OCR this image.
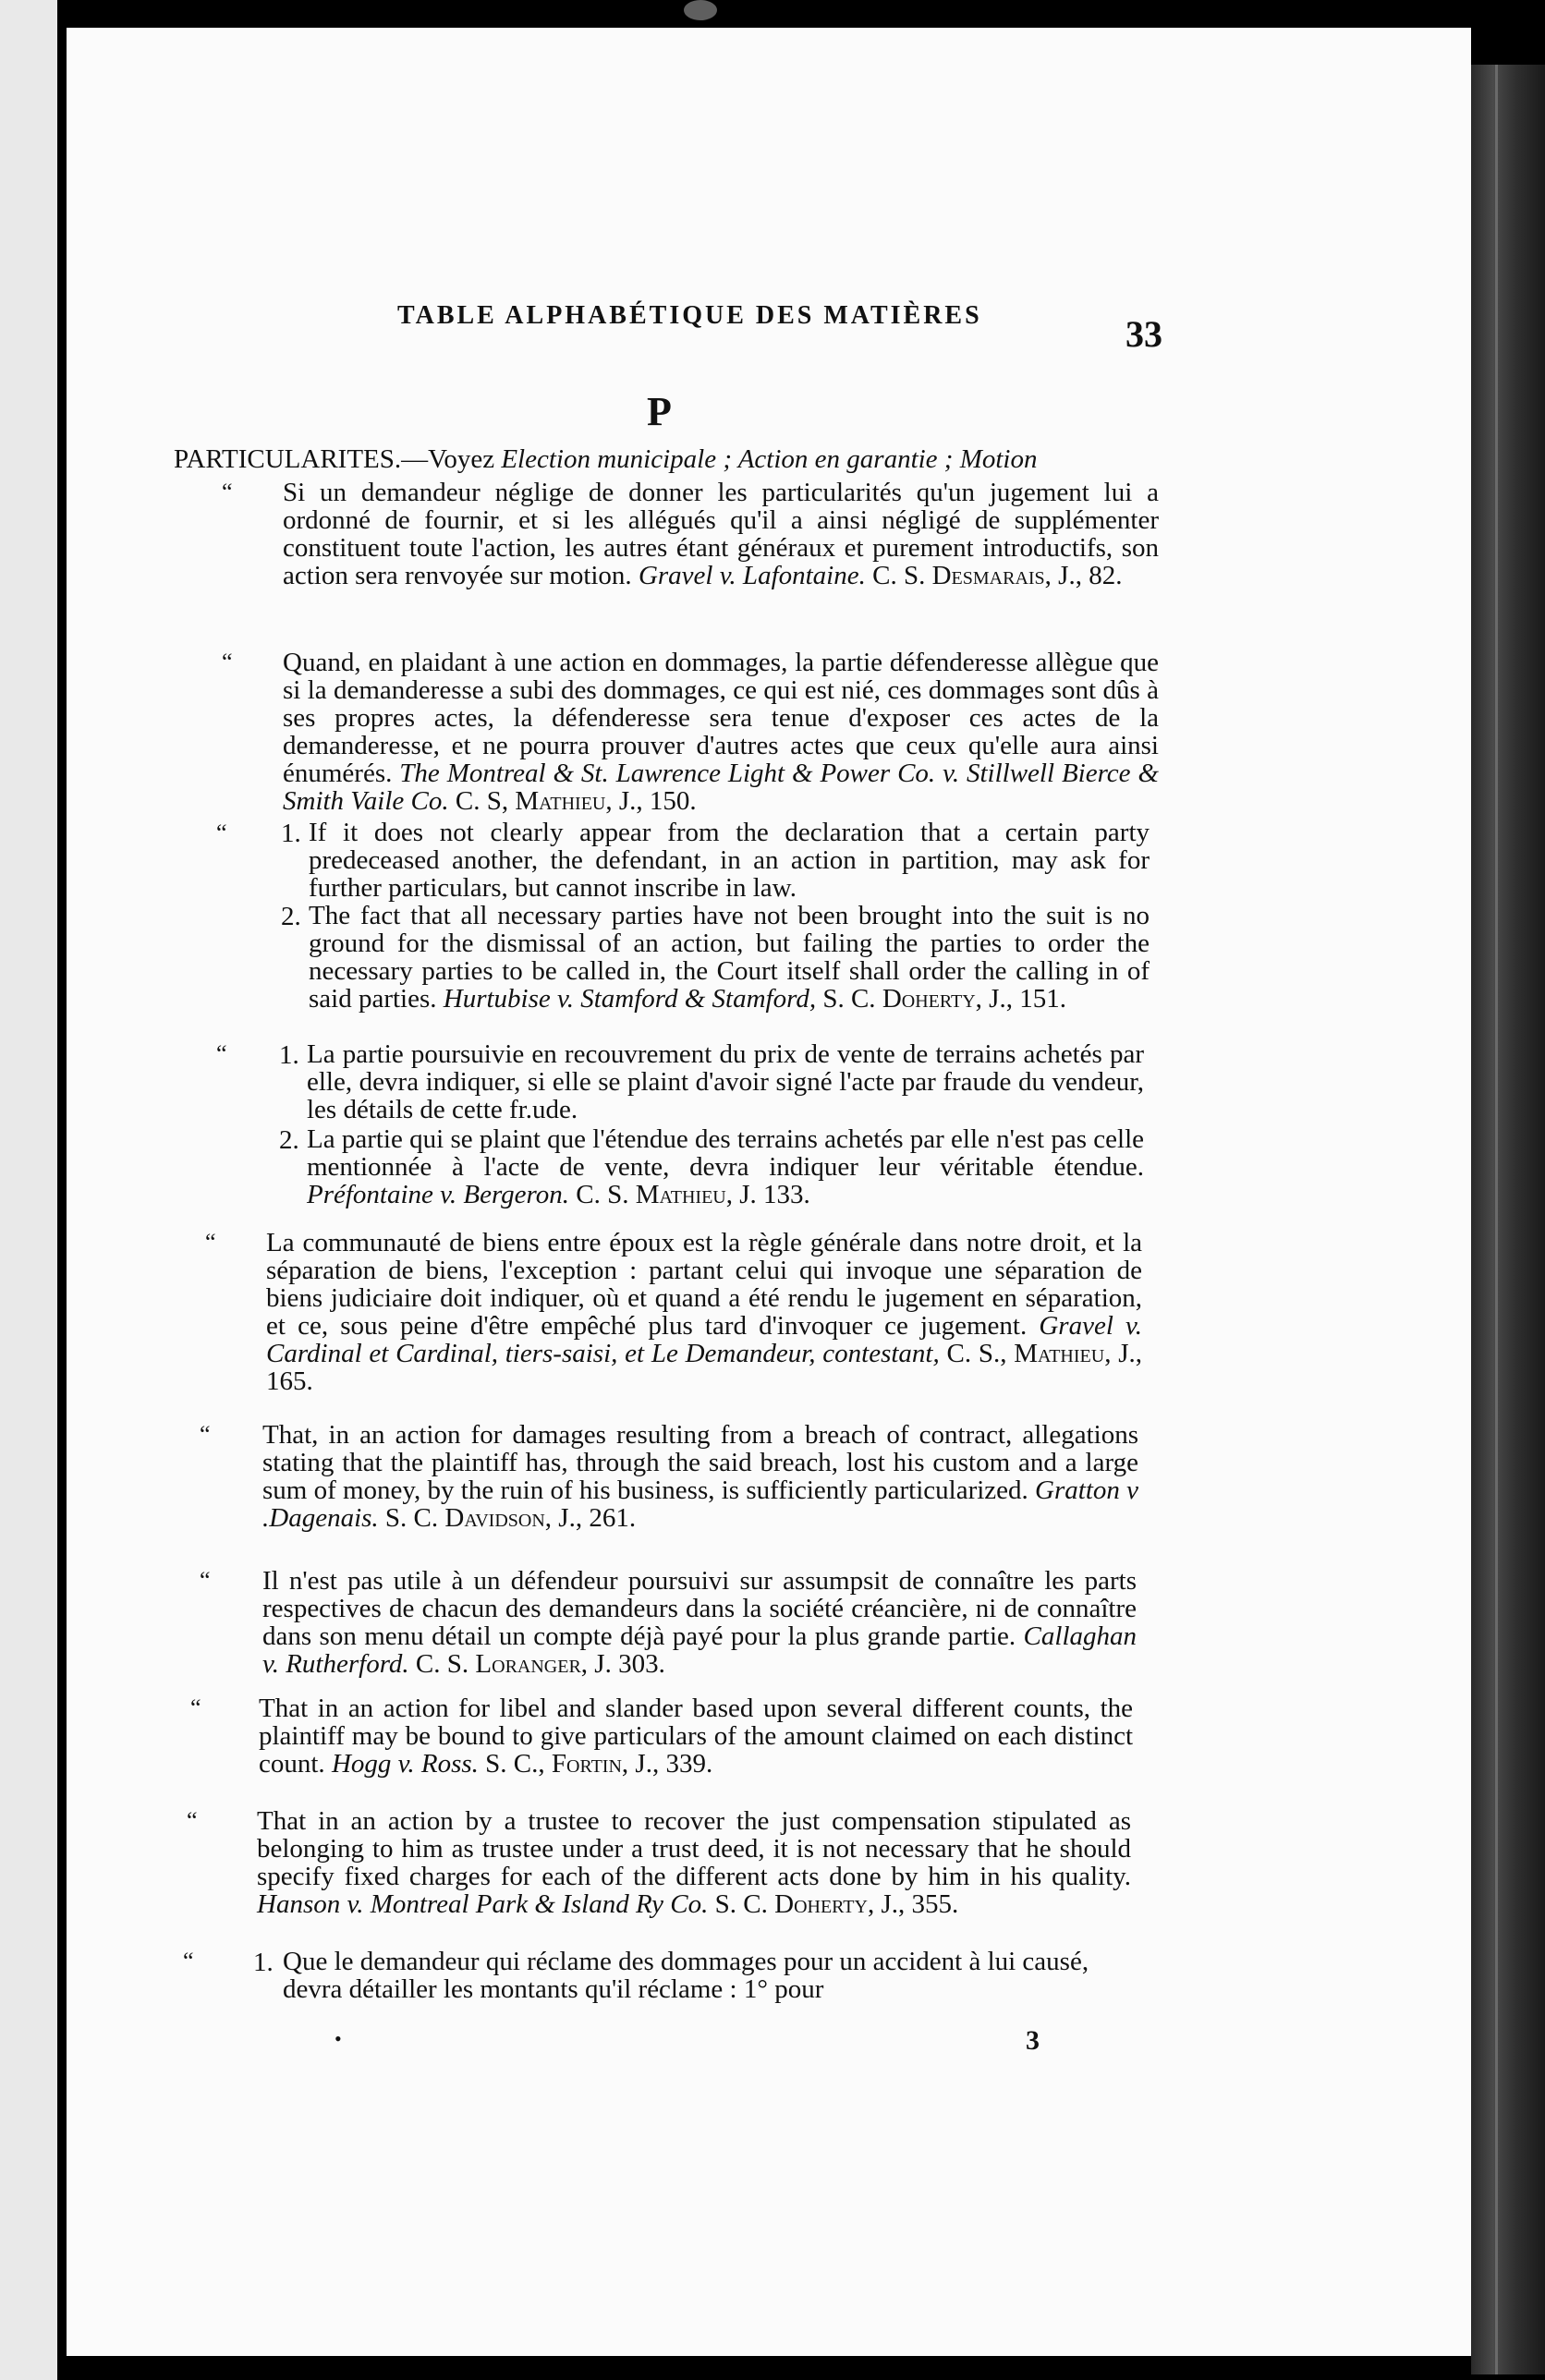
TABLE ALPHABÉTIQUE DES MATIÈRES	33
P

PARTICULARITES.—Voyez Election municipale ; Action en garantie ; Motion

“ Si un demandeur néglige de donner les particularités qu'un jugement lui a ordonné de fournir, et si les allégués qu'il a ainsi négligé de supplémenter constituent toute l'action, les autres étant généraux et purement introductifs, son action sera renvoyée sur motion. Gravel v. Lafontaine. C. S. Desmarais, J., 82.

“ Quand, en plaidant à une action en dommages, la partie défenderesse allègue que si la demanderesse a subi des dommages, ce qui est nié, ces dommages sont dûs à ses propres actes, la défenderesse sera tenue d'exposer ces actes de la demanderesse, et ne pourra prouver d'autres actes que ceux qu'elle aura ainsi énumérés. The Montreal & St. Lawrence Light & Power Co. v. Stillwell Bierce & Smith Vaile Co. C. S, Mathieu, J., 150.

“ 1. If it does not clearly appear from the declaration that a certain party predeceased another, the defendant, in an action in partition, may ask for further particulars, but cannot inscribe in law.

2. The fact that all necessary parties have not been brought into the suit is no ground for the dismissal of an action, but failing the parties to order the necessary parties to be called in, the Court itself shall order the calling in of said parties. Hurtubise v. Stamford & Stamford, S. C. Doherty, J., 151.

“ 1. La partie poursuivie en recouvrement du prix de vente de terrains achetés par elle, devra indiquer, si elle se plaint d'avoir signé l'acte par fraude du vendeur, les détails de cette fr.ude.

2. La partie qui se plaint que l'étendue des terrains achetés par elle n'est pas celle mentionnée à l'acte de vente, devra indiquer leur véritable étendue. Préfontaine v. Bergeron. C. S. Mathieu, J. 133.

“ La communauté de biens entre époux est la règle générale dans notre droit, et la séparation de biens, l'exception : partant celui qui invoque une séparation de biens judiciaire doit indiquer, où et quand a été rendu le jugement en séparation, et ce, sous peine d'être empêché plus tard d'invoquer ce jugement. Gravel v. Cardinal et Cardinal, tiers-saisi, et Le Demandeur, contestant, C. S., Mathieu, J., 165.

“ That, in an action for damages resulting from a breach of contract, allegations stating that the plaintiff has, through the said breach, lost his custom and a large sum of money, by the ruin of his business, is sufficiently particularized. Gratton v .Dagenais. S. C. Davidson, J., 261.

“ Il n'est pas utile à un défendeur poursuivi sur assumpsit de connaître les parts respectives de chacun des demandeurs dans la société créancière, ni de connaître dans son menu détail un compte déjà payé pour la plus grande partie. Callaghan v. Rutherford. C. S. Loranger, J. 303.

“ That in an action for libel and slander based upon several different counts, the plaintiff may be bound to give particulars of the amount claimed on each distinct count. Hogg v. Ross. S. C., Fortin, J., 339.

“ That in an action by a trustee to recover the just compensation stipulated as belonging to him as trustee under a trust deed, it is not necessary that he should specify fixed charges for each of the different acts done by him in his quality. Hanson v. Montreal Park & Island Ry Co. S. C. Doherty, J., 355.

“ 1. Que le demandeur qui réclame des dommages pour un accident à lui causé, devra détailler les montants qu'il réclame : 1° pour

•	3
